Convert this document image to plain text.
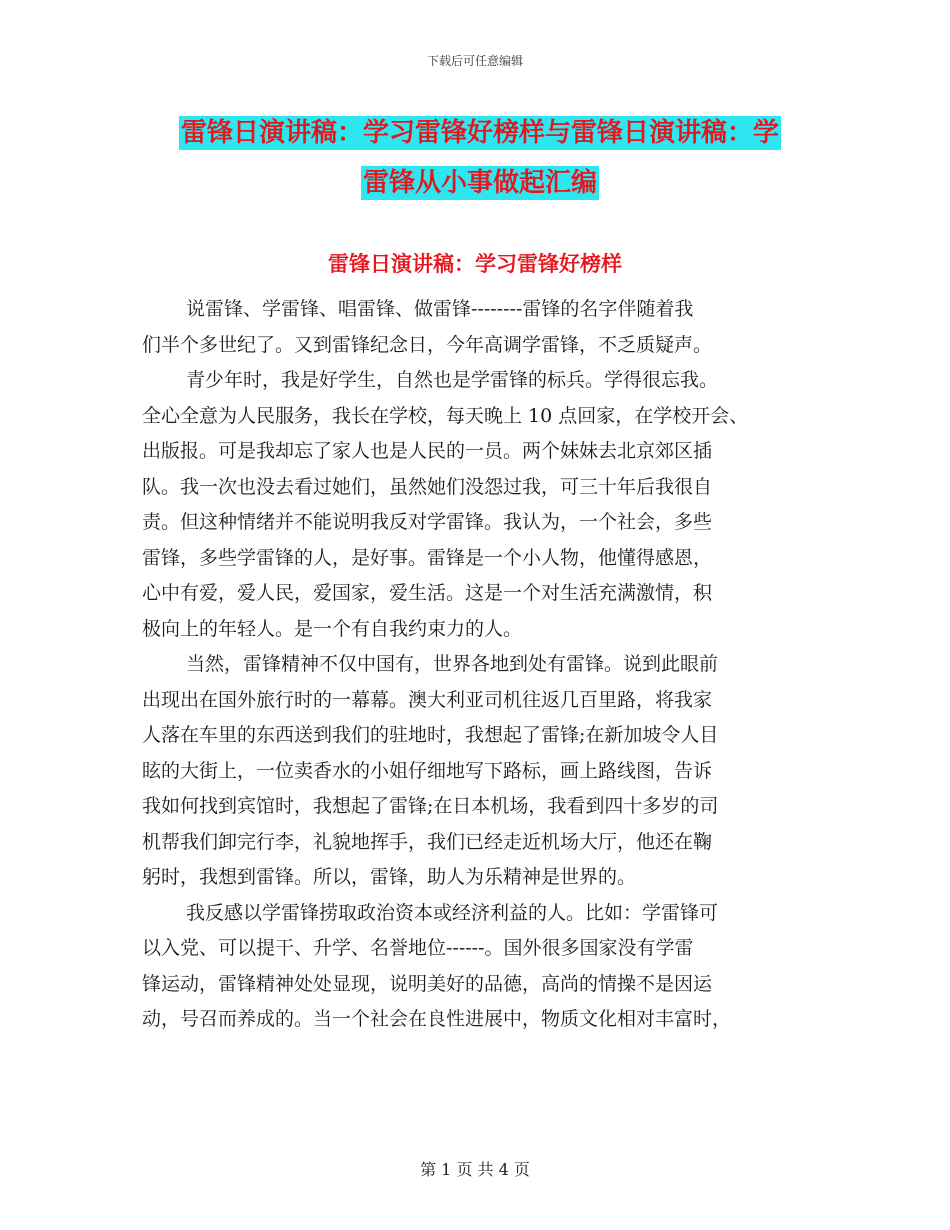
下载后可任意编辑
雷锋日演讲稿：学习雷锋好榜样与雷锋日演讲稿：学
雷锋从小事做起汇编
雷锋日演讲稿：学习雷锋好榜样

说雷锋、学雷锋、唱雷锋、做雷锋--------雷锋的名字伴随着我
们半个多世纪了。又到雷锋纪念日，今年高调学雷锋，不乏质疑声。

青少年时，我是好学生，自然也是学雷锋的标兵。学得很忘我。
全心全意为人民服务，我长在学校，每天晚上 10 点回家，在学校开会、
出版报。可是我却忘了家人也是人民的一员。两个妹妹去北京郊区插
队。我一次也没去看过她们，虽然她们没怨过我，可三十年后我很自
责。但这种情绪并不能说明我反对学雷锋。我认为，一个社会，多些
雷锋，多些学雷锋的人，是好事。雷锋是一个小人物，他懂得感恩，
心中有爱，爱人民，爱国家，爱生活。这是一个对生活充满激情，积
极向上的年轻人。是一个有自我约束力的人。

当然，雷锋精神不仅中国有，世界各地到处有雷锋。说到此眼前
出现出在国外旅行时的一幕幕。澳大利亚司机往返几百里路，将我家
人落在车里的东西送到我们的驻地时，我想起了雷锋;在新加坡令人目
眩的大街上，一位卖香水的小姐仔细地写下路标，画上路线图，告诉
我如何找到宾馆时，我想起了雷锋;在日本机场，我看到四十多岁的司
机帮我们卸完行李，礼貌地挥手，我们已经走近机场大厅，他还在鞠
躬时，我想到雷锋。所以，雷锋，助人为乐精神是世界的。

我反感以学雷锋捞取政治资本或经济利益的人。比如：学雷锋可
以入党、可以提干、升学、名誉地位------。国外很多国家没有学雷
锋运动，雷锋精神处处显现，说明美好的品德，高尚的情操不是因运
动，号召而养成的。当一个社会在良性进展中，物质文化相对丰富时，

第 1 页 共 4 页
